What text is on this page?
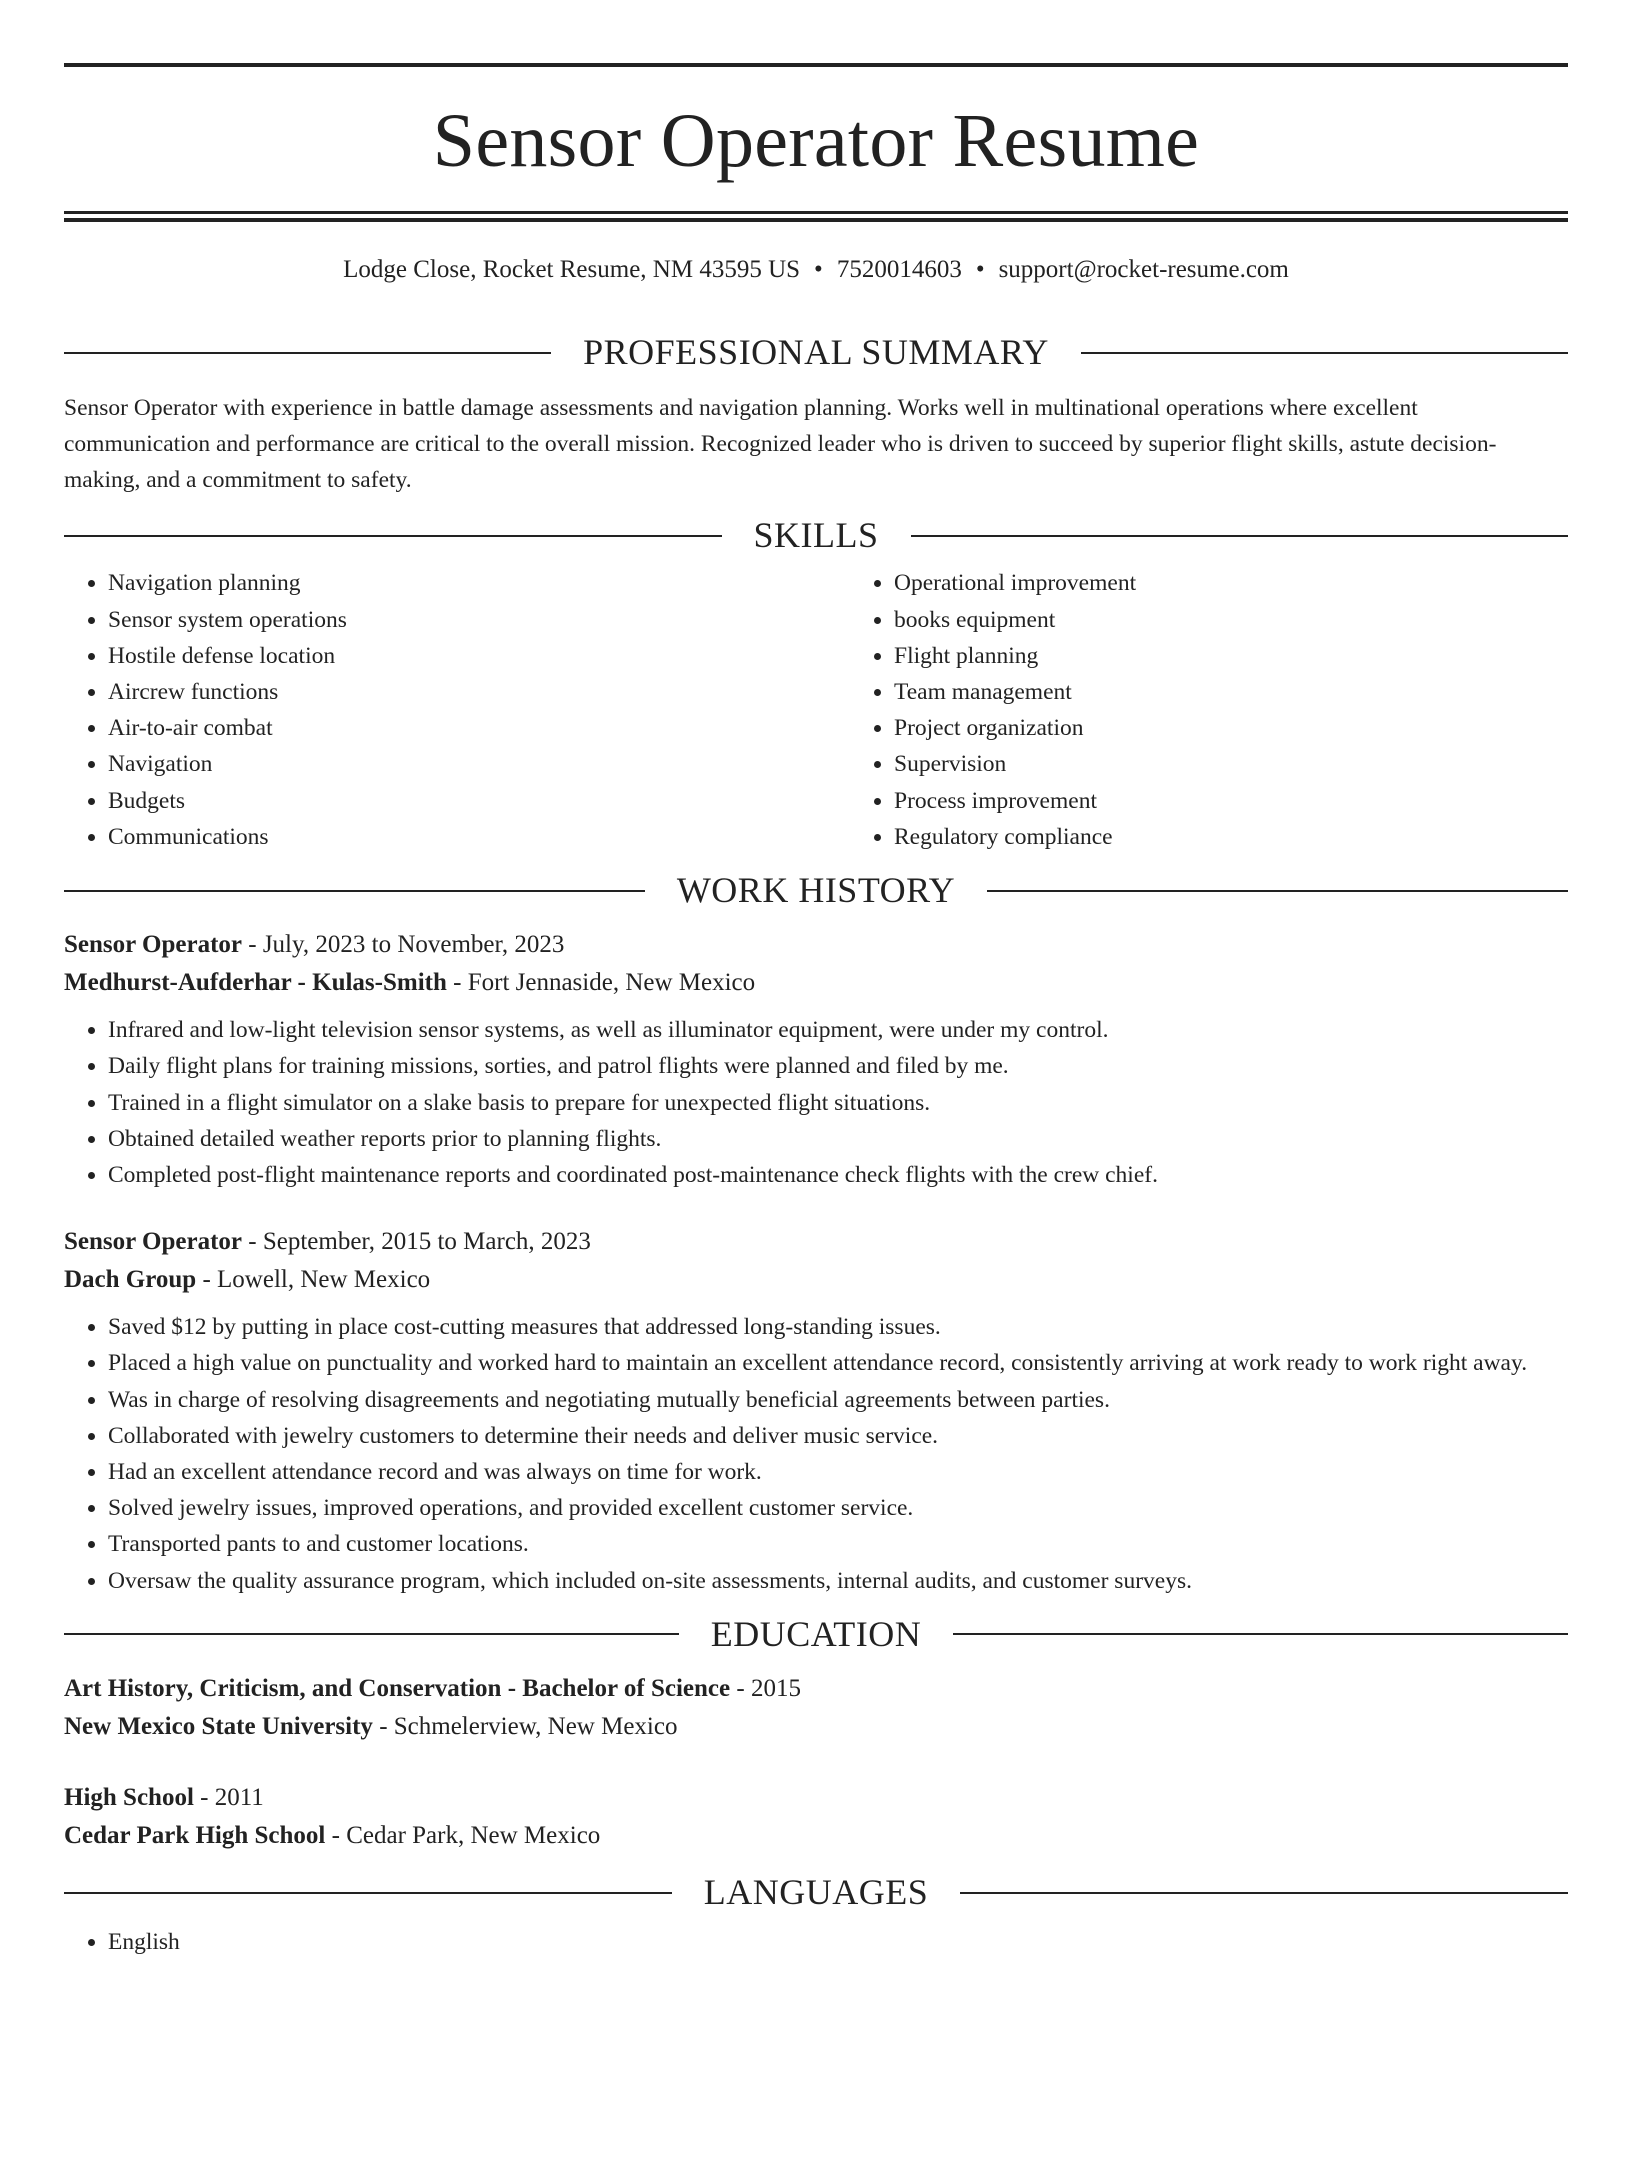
Sensor Operator Resume
Lodge Close, Rocket Resume, NM 43595 US • 7520014603 • support@rocket-resume.com
PROFESSIONAL SUMMARY

Sensor Operator with experience in battle damage assessments and navigation planning. Works well in multinational operations where excellent communication and performance are critical to the overall mission. Recognized leader who is driven to succeed by superior flight skills, astute decision-making, and a commitment to safety.

SKILLS
• Navigation planning
• Sensor system operations
• Hostile defense location
• Aircrew functions
• Air-to-air combat
• Navigation
• Budgets
• Communications
• Operational improvement
• books equipment
• Flight planning
• Team management
• Project organization
• Supervision
• Process improvement
• Regulatory compliance
WORK HISTORY
Sensor Operator - July, 2023 to November, 2023
Medhurst-Aufderhar - Kulas-Smith - Fort Jennaside, New Mexico
• Infrared and low-light television sensor systems, as well as illuminator equipment, were under my control.
• Daily flight plans for training missions, sorties, and patrol flights were planned and filed by me.
• Trained in a flight simulator on a slake basis to prepare for unexpected flight situations.
• Obtained detailed weather reports prior to planning flights.
• Completed post-flight maintenance reports and coordinated post-maintenance check flights with the crew chief.
Sensor Operator - September, 2015 to March, 2023
Dach Group - Lowell, New Mexico
• Saved $12 by putting in place cost-cutting measures that addressed long-standing issues.
• Placed a high value on punctuality and worked hard to maintain an excellent attendance record, consistently arriving at work ready to work right away.
• Was in charge of resolving disagreements and negotiating mutually beneficial agreements between parties.
• Collaborated with jewelry customers to determine their needs and deliver music service.
• Had an excellent attendance record and was always on time for work.
• Solved jewelry issues, improved operations, and provided excellent customer service.
• Transported pants to and customer locations.
• Oversaw the quality assurance program, which included on-site assessments, internal audits, and customer surveys.
EDUCATION
Art History, Criticism, and Conservation - Bachelor of Science - 2015
New Mexico State University - Schmelerview, New Mexico
High School - 2011
Cedar Park High School - Cedar Park, New Mexico
LANGUAGES
• English
